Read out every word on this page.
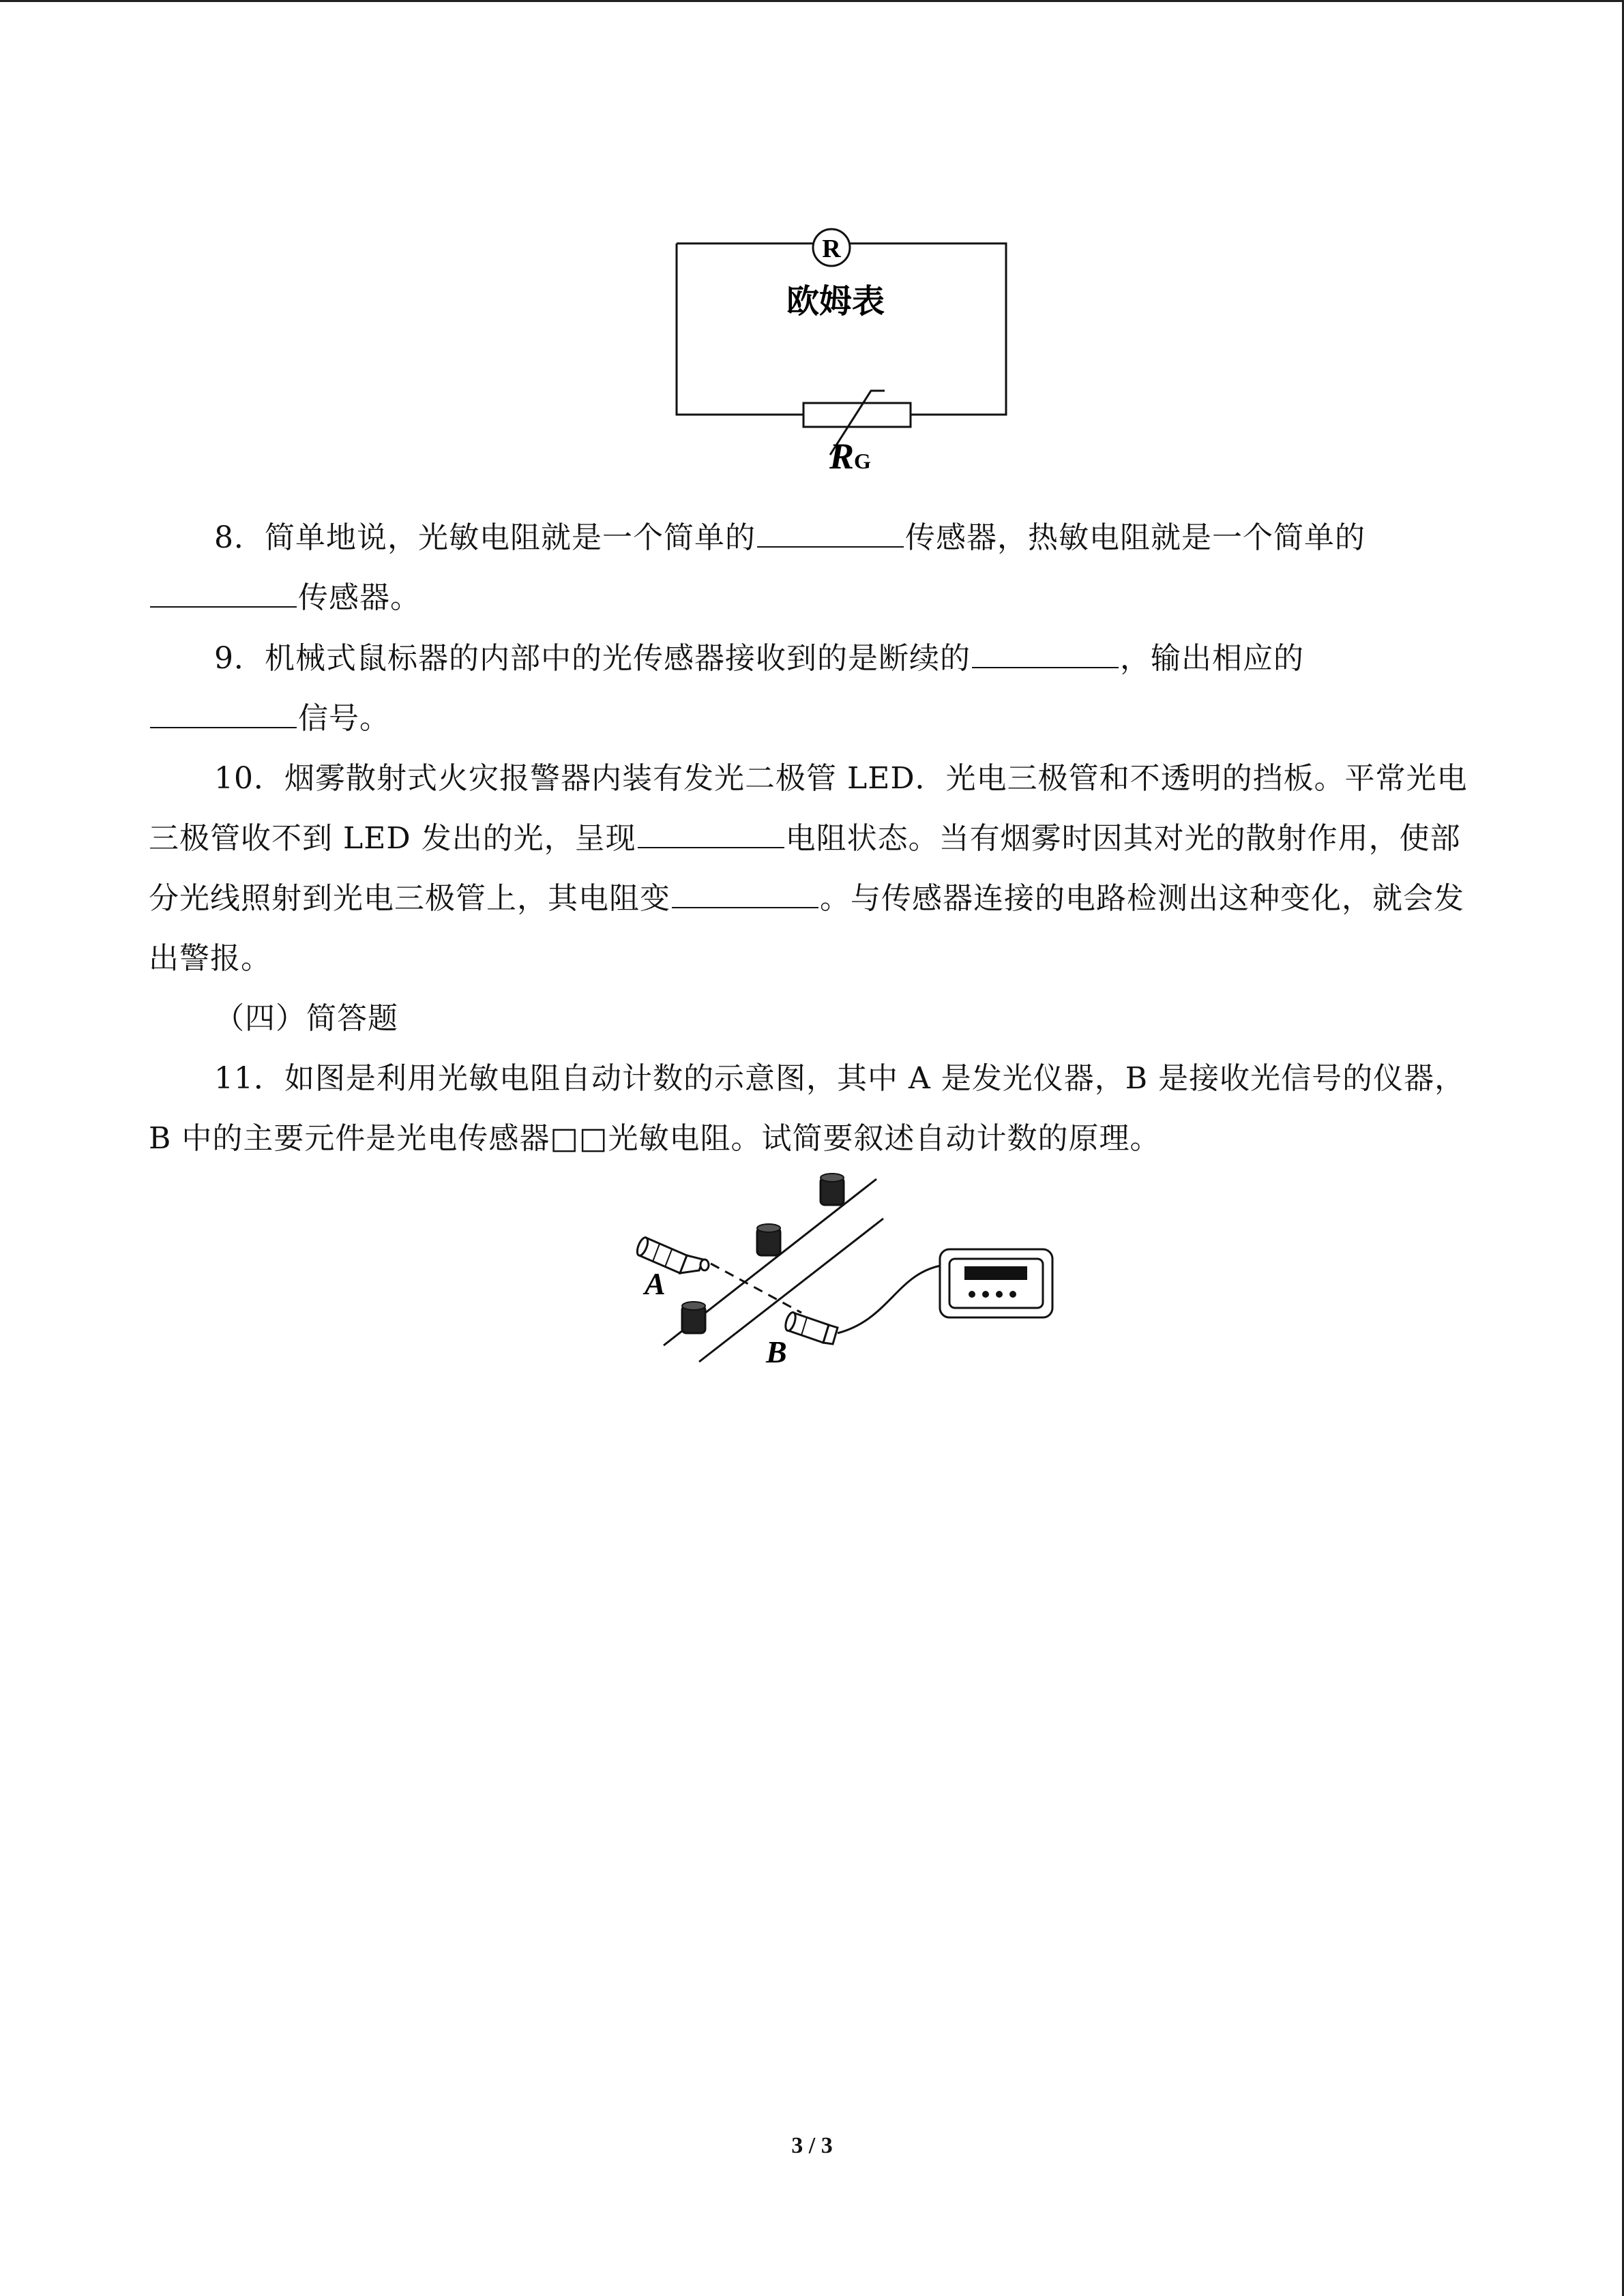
R
欧姆表
RG

8．简单地说，光敏电阻就是一个简单的	传感器，热敏电阻就是一个简单的
传感器。

9．机械式鼠标器的内部中的光传感器接收到的是断续的	，输出相应的
信号。

10．烟雾散射式火灾报警器内装有发光二极管 LED．光电三极管和不透明的挡板。平常光电三极管收不到 LED 发出的光，呈现	电阻状态。当有烟雾时因其对光的散射作用，使部分光线照射到光电三极管上，其电阻变	。与传感器连接的电路检测出这种变化，就会发出警报。

（四）简答题

11．如图是利用光敏电阻自动计数的示意图，其中 A 是发光仪器，B 是接收光信号的仪器，B 中的主要元件是光电传感器□□光敏电阻。试简要叙述自动计数的原理。

A
B
3 / 3
